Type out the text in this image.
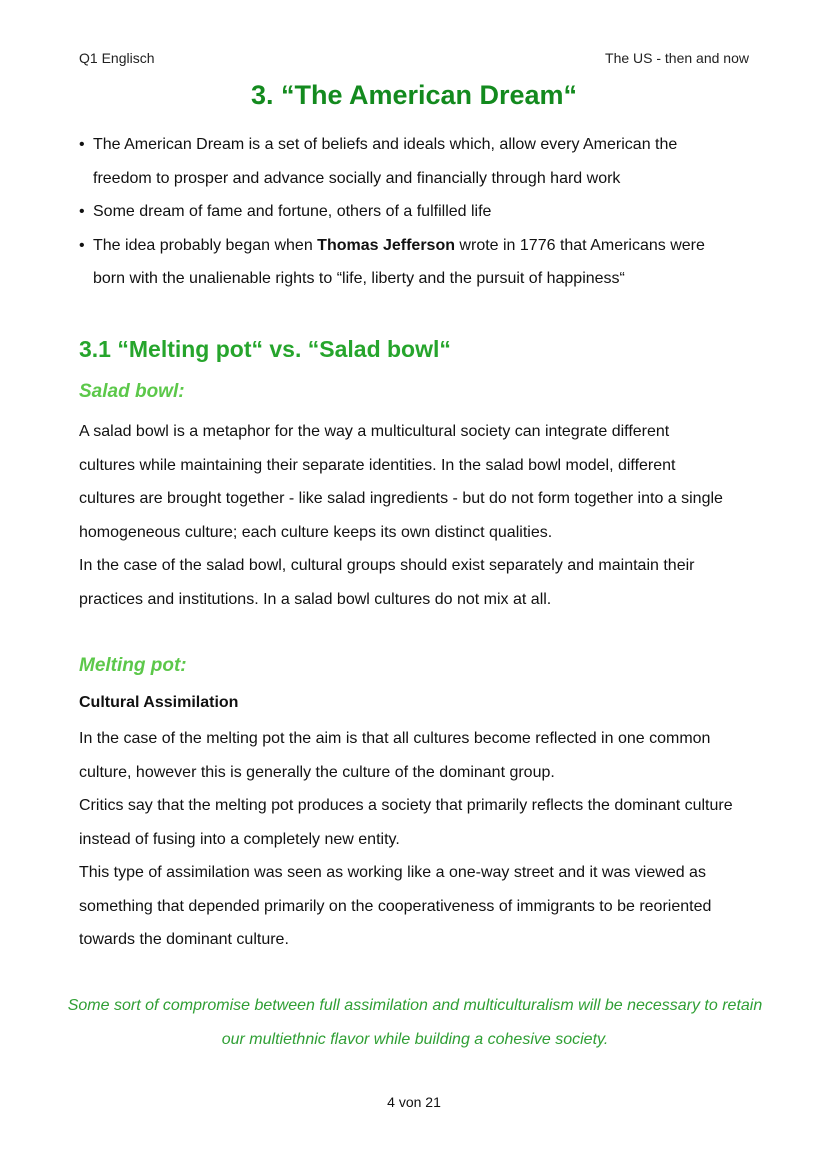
Q1 Englisch	The US - then and now
3. “The American Dream“
• The American Dream is a set of beliefs and ideals which, allow every American the freedom to prosper and advance socially and financially through hard work
• Some dream of fame and fortune, others of a fulfilled life
• The idea probably began when Thomas Jefferson wrote in 1776 that Americans were born with the unalienable rights to “life, liberty and the pursuit of happiness“
3.1 “Melting pot“ vs. “Salad bowl“
Salad bowl:

A salad bowl is a metaphor for the way a multicultural society can integrate different cultures while maintaining their separate identities. In the salad bowl model, different cultures are brought together - like salad ingredients - but do not form together into a single homogeneous culture; each culture keeps its own distinct qualities.

In the case of the salad bowl, cultural groups should exist separately and maintain their practices and institutions. In a salad bowl cultures do not mix at all.

Melting pot:
Cultural Assimilation

In the case of the melting pot the aim is that all cultures become reflected in one common culture, however this is generally the culture of the dominant group.

Critics say that the melting pot produces a society that primarily reflects the dominant culture instead of fusing into a completely new entity.

This type of assimilation was seen as working like a one-way street and it was viewed as something that depended primarily on the cooperativeness of immigrants to be reoriented towards the dominant culture.

Some sort of compromise between full assimilation and multiculturalism will be necessary to retain our multiethnic flavor while building a cohesive society.
4 von 21
